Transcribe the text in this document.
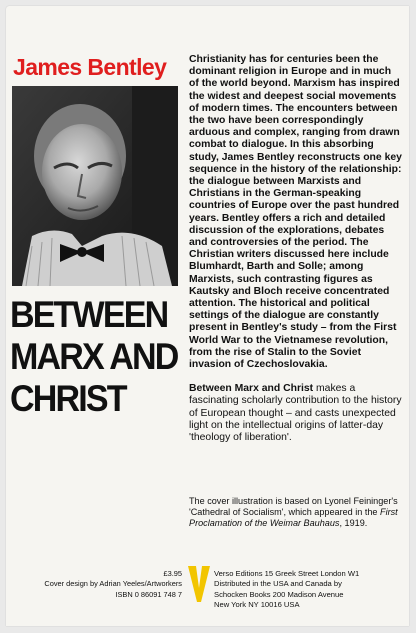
James Bentley
BETWEEN
MARX AND
CHRIST

Christianity has for centuries been the dominant religion in Europe and in much of the world beyond. Marxism has inspired the widest and deepest social movements of modern times. The encounters between the two have been correspondingly arduous and complex, ranging from drawn combat to dialogue. In this absorbing study, James Bentley reconstructs one key sequence in the history of the relationship: the dialogue between Marxists and Christians in the German-speaking countries of Europe over the past hundred years. Bentley offers a rich and detailed discussion of the explorations, debates and controversies of the period. The Christian writers discussed here include Blumhardt, Barth and Solle; among Marxists, such contrasting figures as Kautsky and Bloch receive concentrated attention. The historical and political settings of the dialogue are constantly present in Bentley's study – from the First World War to the Vietnamese revolution, from the rise of Stalin to the Soviet invasion of Czechoslovakia.

Between Marx and Christ makes a fascinating scholarly contribution to the history of European thought – and casts unexpected light on the intellectual origins of latter-day 'theology of liberation'.

The cover illustration is based on Lyonel Feininger's 'Cathedral of Socialism', which appeared in the First Proclamation of the Weimar Bauhaus, 1919.

£3.95
Cover design by Adrian Yeeles/Artworkers
ISBN 0 86091 748 7
Verso Editions 15 Greek Street London W1
Distributed in the USA and Canada by
Schocken Books 200 Madison Avenue
New York NY 10016 USA
